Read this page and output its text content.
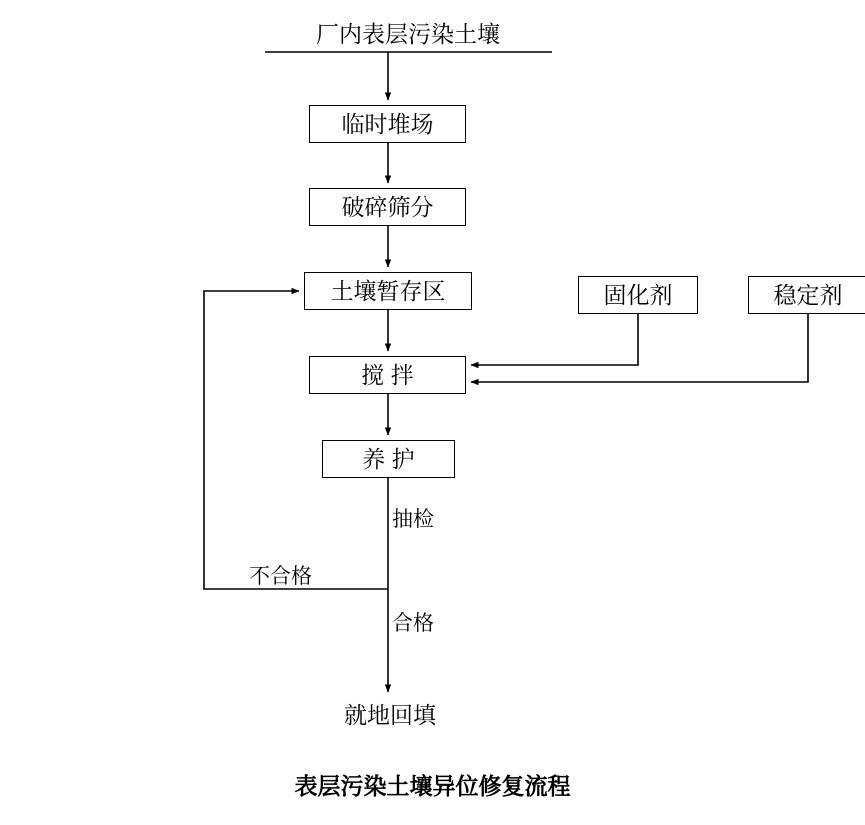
厂内表层污染土壤
临时堆场
破碎筛分
土壤暂存区
搅 拌
养 护
就地回填
固化剂	稳定剂
抽检
不合格
合格
表层污染土壤异位修复流程
